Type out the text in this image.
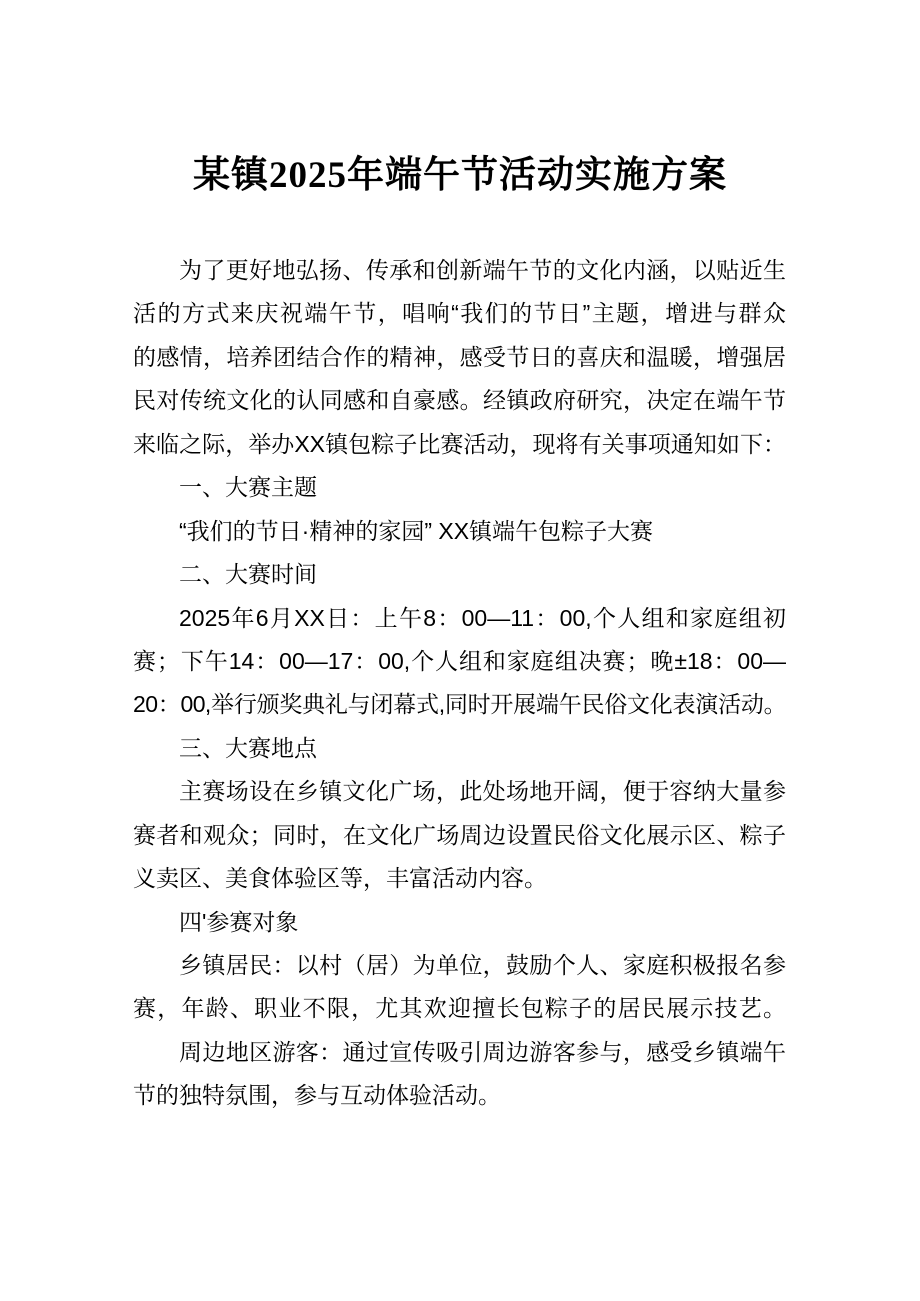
某镇2025年端午节活动实施方案
为了更好地弘扬、传承和创新端午节的文化内涵，以贴近生
活的方式来庆祝端午节，唱响“我们的节日”主题，增进与群众
的感情，培养团结合作的精神，感受节日的喜庆和温暖，增强居
民对传统文化的认同感和自豪感。经镇政府研究，决定在端午节
来临之际，举办XX镇包粽子比赛活动，现将有关事项通知如下：
一、大赛主题
“我们的节日·精神的家园” XX镇端午包粽子大赛
二、大赛时间
2025年6月XX日：上午8：00—11：00,个人组和家庭组初
赛；下午14：00—17：00,个人组和家庭组决赛；晚±18：00—
20：00,举行颁奖典礼与闭幕式,同时开展端午民俗文化表演活动。
三、大赛地点
主赛场设在乡镇文化广场，此处场地开阔，便于容纳大量参
赛者和观众；同时，在文化广场周边设置民俗文化展示区、粽子
义卖区、美食体验区等，丰富活动内容。
四'参赛对象
乡镇居民：以村（居）为单位，鼓励个人、家庭积极报名参
赛，年龄、职业不限，尤其欢迎擅长包粽子的居民展示技艺。
周边地区游客：通过宣传吸引周边游客参与，感受乡镇端午
节的独特氛围，参与互动体验活动。
